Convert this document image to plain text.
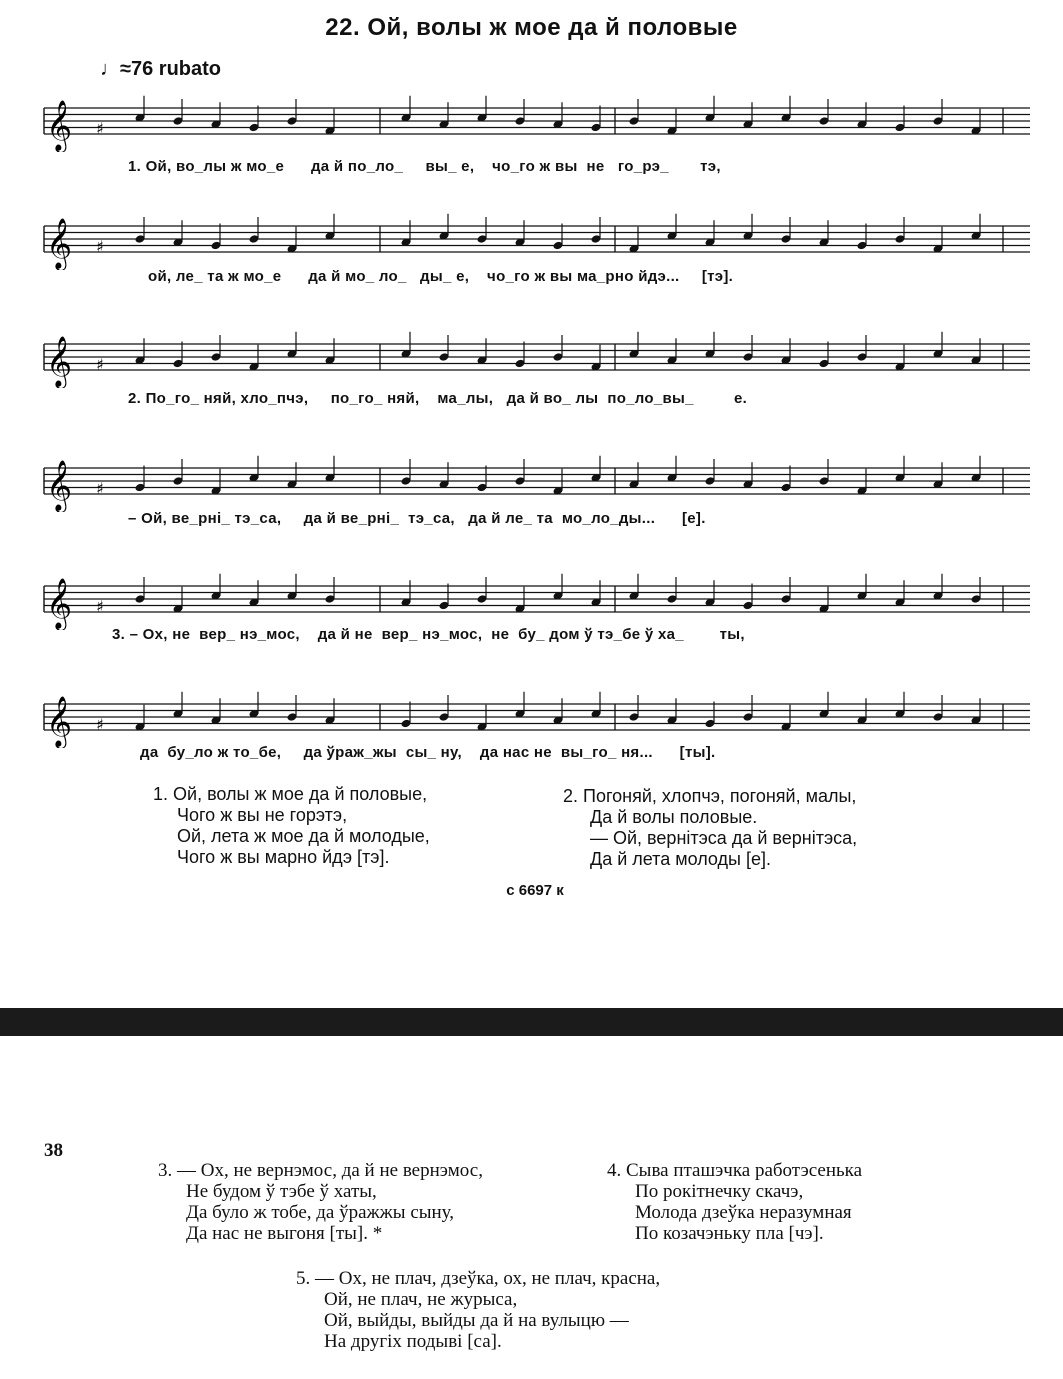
22. Ой, волы ж мое да й половые
♩≈76 rubato
𝄞 ♯
1. Ой, во_лы ж мо_е      да й по_ло_     вы_ е,    чо_го ж вы  не   го_рэ_       тэ,
𝄞 ♯
ой, ле_ та ж мо_е      да й мо_ ло_   ды_ е,    чо_го ж вы ма_рно йдэ...     [тэ].
𝄞 ♯
2. По_го_ няй, хло_пчэ,     по_го_ няй,    ма_лы,   да й во_ лы  по_ло_вы_         е.
𝄞 ♯
– Ой, ве_рні_ тэ_са,     да й ве_рні_  тэ_са,   да й ле_ та  мо_ло_ды...      [е].
𝄞 ♯
3. – Ох, не  вер_ нэ_мос,    да й не  вер_ нэ_мос,  не  бу_ дом ў тэ_бе ў ха_        ты,
𝄞 ♯
да  бу_ло ж то_бе,     да ўраж_жы  сы_ ну,    да нас не  вы_го_ ня...      [ты].
1. Ой, волы ж мое да й половые,
Чого ж вы не горэтэ,
Ой, лета ж мое да й молодые,
Чого ж вы марно йдэ [тэ].
2. Погоняй, хлопчэ, погоняй, малы,
Да й волы половые.
— Ой, вернітэса да й вернітэса,
Да й лета молоды [е].
с 6697 к
38
3. — Ох, не вернэмос, да й не вернэмос,
Не будом ў тэбе ў хаты,
Да було ж тобе, да ўражжы сыну,
Да нас не выгоня [ты]. *
4. Сыва пташэчка работэсенька
По рокітнечку скачэ,
Молода дзеўка неразумная
По козачэньку пла [чэ].
5. — Ох, не плач, дзеўка, ох, не плач, красна,
Ой, не плач, не журыса,
Ой, выйды, выйды да й на вулыцю —
На другіх подыві [са].
